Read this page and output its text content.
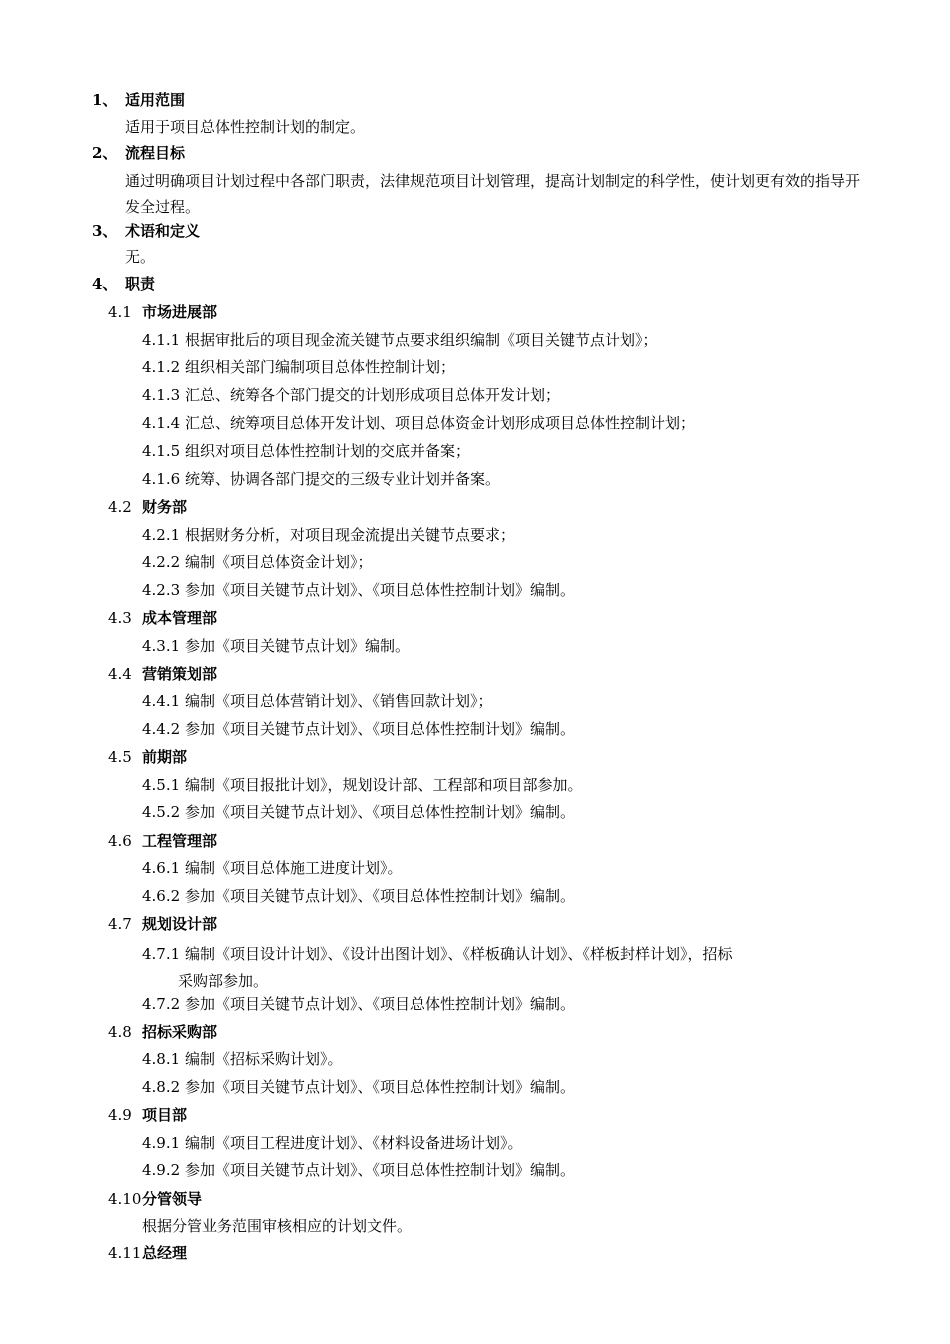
1、 适用范围
适用于项目总体性控制计划的制定。
2、 流程目标
通过明确项目计划过程中各部门职责，法律规范项目计划管理，提高计划制定的科学性，使计划更有效的指导开发全过程。
3、 术语和定义
无。
4、 职责
4.1 市场进展部
4.1.1 根据审批后的项目现金流关键节点要求组织编制《项目关键节点计划》；
4.1.2 组织相关部门编制项目总体性控制计划；
4.1.3 汇总、统筹各个部门提交的计划形成项目总体开发计划；
4.1.4 汇总、统筹项目总体开发计划、项目总体资金计划形成项目总体性控制计划；
4.1.5 组织对项目总体性控制计划的交底并备案；
4.1.6 统筹、协调各部门提交的三级专业计划并备案。
4.2 财务部
4.2.1 根据财务分析，对项目现金流提出关键节点要求；
4.2.2 编制《项目总体资金计划》；
4.2.3 参加《项目关键节点计划》、《项目总体性控制计划》编制。
4.3 成本管理部
4.3.1 参加《项目关键节点计划》编制。
4.4 营销策划部
4.4.1 编制《项目总体营销计划》、《销售回款计划》；
4.4.2 参加《项目关键节点计划》、《项目总体性控制计划》编制。
4.5 前期部
4.5.1 编制《项目报批计划》，规划设计部、工程部和项目部参加。
4.5.2 参加《项目关键节点计划》、《项目总体性控制计划》编制。
4.6 工程管理部
4.6.1 编制《项目总体施工进度计划》。
4.6.2 参加《项目关键节点计划》、《项目总体性控制计划》编制。
4.7 规划设计部
4.7.1 编制《项目设计计划》、《设计出图计划》、《样板确认计划》、《样板封样计划》，招标
采购部参加。
4.7.2 参加《项目关键节点计划》、《项目总体性控制计划》编制。
4.8 招标采购部
4.8.1 编制《招标采购计划》。
4.8.2 参加《项目关键节点计划》、《项目总体性控制计划》编制。
4.9 项目部
4.9.1 编制《项目工程进度计划》、《材料设备进场计划》。
4.9.2 参加《项目关键节点计划》、《项目总体性控制计划》编制。
4.10 分管领导
根据分管业务范围审核相应的计划文件。
4.11 总经理
